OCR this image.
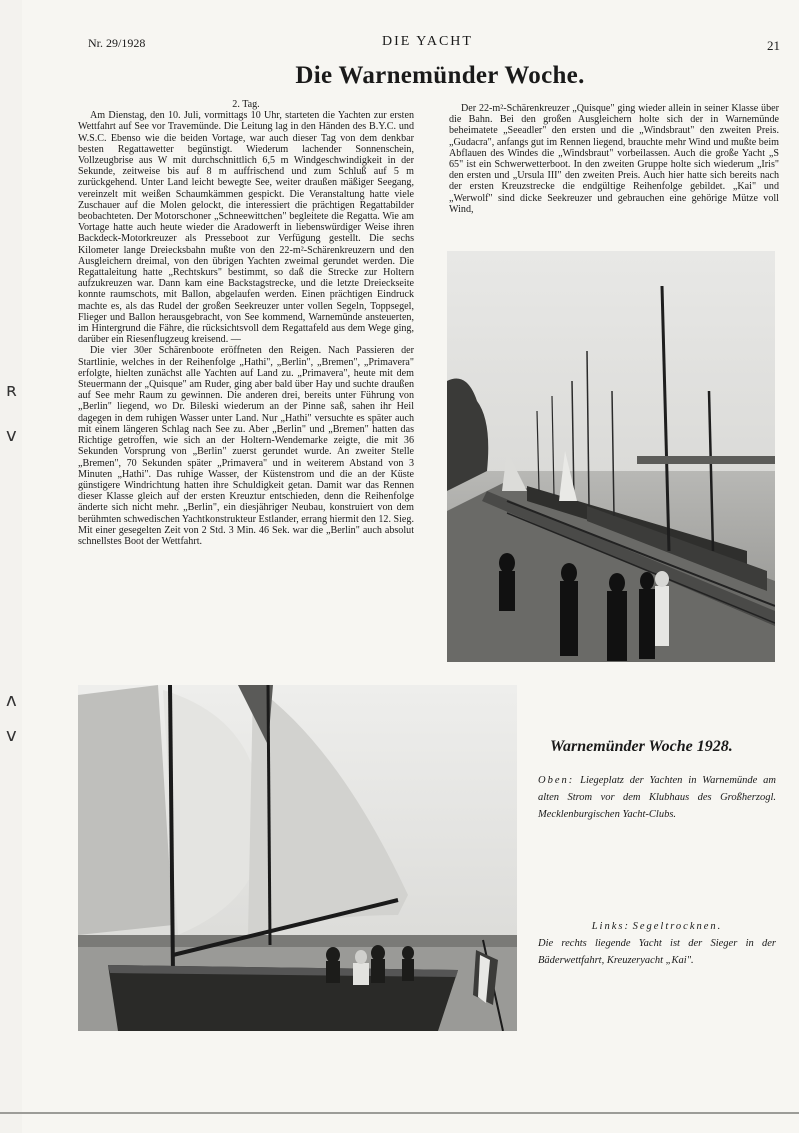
ʀ
v
ʌ
v
Nr. 29/1928	DIE YACHT	21
Die Warnemünder Woche.

2. Tag.

Am Dienstag, den 10. Juli, vormittags 10 Uhr, starteten die Yachten zur ersten Wettfahrt auf See vor Travemünde. Die Leitung lag in den Händen des B.Y.C. und W.S.C. Ebenso wie die beiden Vortage, war auch dieser Tag von dem denkbar besten Regattawetter begünstigt. Wiederum lachender Sonnenschein, Vollzeugbrise aus W mit durchschnittlich 6,5 m Windgeschwindigkeit in der Sekunde, zeitweise bis auf 8 m auffrischend und zum Schluß auf 5 m zurückgehend. Unter Land leicht bewegte See, weiter draußen mäßiger Seegang, vereinzelt mit weißen Schaumkämmen gespickt. Die Veranstaltung hatte viele Zuschauer auf die Molen gelockt, die interessiert die prächtigen Regattabilder beobachteten. Der Motorschoner „Schneewittchen" begleitete die Regatta. Wie am Vortage hatte auch heute wieder die Aradowerft in liebenswürdiger Weise ihren Backdeck-Motorkreuzer als Presseboot zur Verfügung gestellt. Die sechs Kilometer lange Dreiecksbahn mußte von den 22-m²-Schärenkreuzern und den Ausgleichern dreimal, von den übrigen Yachten zweimal gerundet werden. Die Regattaleitung hatte „Rechtskurs" bestimmt, so daß die Strecke zur Holtern aufzukreuzen war. Dann kam eine Backstagstrecke, und die letzte Dreieckseite konnte raumschots, mit Ballon, abgelaufen werden. Einen prächtigen Eindruck machte es, als das Rudel der großen Seekreuzer unter vollen Segeln, Toppsegel, Flieger und Ballon herausgebracht, von See kommend, Warnemünde ansteuerten, im Hintergrund die Fähre, die rücksichtsvoll dem Regattafeld aus dem Wege ging, darüber ein Riesenflugzeug kreisend. —

Die vier 30er Schärenboote eröffneten den Reigen. Nach Passieren der Startlinie, welches in der Reihenfolge „Hathi", „Berlin", „Bremen", „Primavera" erfolgte, hielten zunächst alle Yachten auf Land zu. „Primavera", heute mit dem Steuermann der „Quisque" am Ruder, ging aber bald über Hay und suchte draußen auf See mehr Raum zu gewinnen. Die anderen drei, bereits unter Führung von „Berlin" liegend, wo Dr. Bileski wiederum an der Pinne saß, sahen ihr Heil dagegen in dem ruhigen Wasser unter Land. Nur „Hathi" versuchte es später auch mit einem längeren Schlag nach See zu. Aber „Berlin" und „Bremen" hatten das Richtige getroffen, wie sich an der Holtern-Wendemarke zeigte, die mit 36 Sekunden Vorsprung von „Berlin" zuerst gerundet wurde. An zweiter Stelle „Bremen", 70 Sekunden später „Primavera" und in weiterem Abstand von 3 Minuten „Hathi". Das ruhige Wasser, der Küstenstrom und die an der Küste günstigere Windrichtung hatten ihre Schuldigkeit getan. Damit war das Rennen dieser Klasse gleich auf der ersten Kreuztur entschieden, denn die Reihenfolge änderte sich nicht mehr. „Berlin", ein diesjähriger Neubau, konstruiert von dem berühmten schwedischen Yachtkonstrukteur Estlander, errang hiermit den 12. Sieg. Mit einer gesegelten Zeit von 2 Std. 3 Min. 46 Sek. war die „Berlin" auch absolut schnellstes Boot der Wettfahrt.

Der 22-m²-Schärenkreuzer „Quisque" ging wieder allein in seiner Klasse über die Bahn. Bei den großen Ausgleichern holte sich der in Warnemünde beheimatete „Seeadler" den ersten und die „Windsbraut" den zweiten Preis. „Gudacra", anfangs gut im Rennen liegend, brauchte mehr Wind und mußte beim Abflauen des Windes die „Windsbraut" vorbeilassen. Auch die große Yacht „S 65" ist ein Schwerwetterboot. In den zweiten Gruppe holte sich wiederum „Iris" den ersten und „Ursula III" den zweiten Preis. Auch hier hatte sich bereits nach der ersten Kreuzstrecke die endgültige Reihenfolge gebildet. „Kai" und „Werwolf" sind dicke Seekreuzer und gebrauchen eine gehörige Mütze voll Wind,

Warnemünder Woche 1928.
Oben: Liegeplatz der Yachten in Warnemünde am alten Strom vor dem Klubhaus des Großherzogl. Mecklenburgischen Yacht-Clubs.
Links: Segeltrocknen.
Die rechts liegende Yacht ist der Sieger in der Bäderwettfahrt, Kreuzeryacht „Kai".
